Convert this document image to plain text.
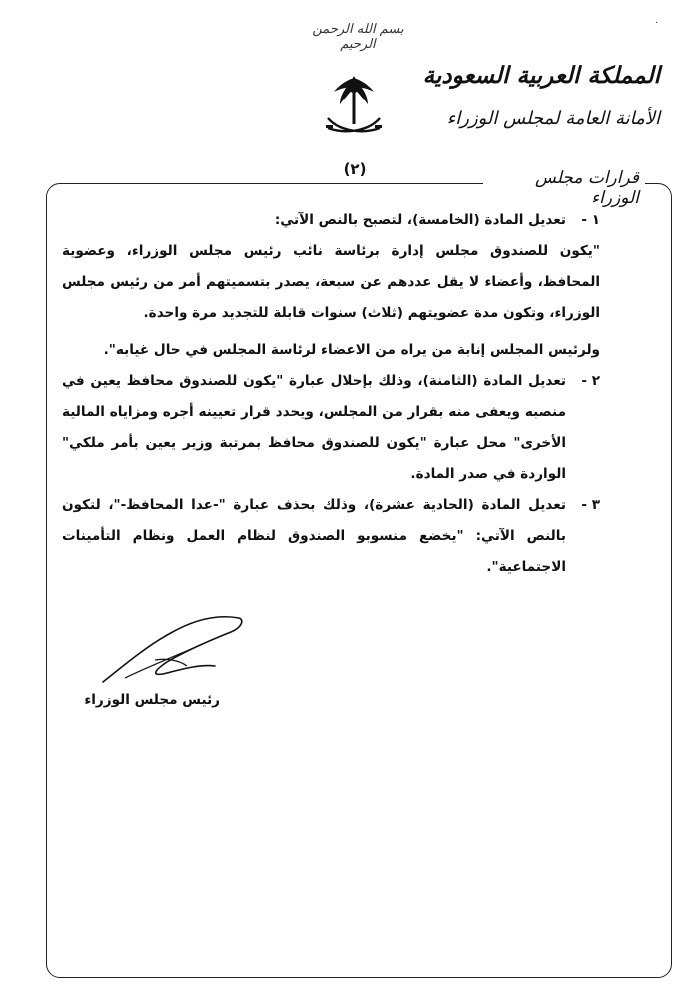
·
بسم الله الرحمن الرحيم
المملكة العربية السعودية
الأمانة العامة لمجلس الوزراء
(٢)	قرارات مجلس الوزراء
١ -

تعديل المادة (الخامسة)، لتصبح بالنص الآتي:

"يكون للصندوق مجلس إدارة برئاسة نائب رئيس مجلس الوزراء، وعضوية المحافظ، وأعضاء لا يقل عددهم عن سبعة، يصدر بتسميتهم أمر من رئيس مجلس الوزراء، وتكون مدة عضويتهم (ثلاث) سنوات قابلة للتجديد مرة واحدة.

ولرئيس المجلس إنابة من يراه من الاعضاء لرئاسة المجلس في حال غيابه".

٢ -

تعديل المادة (الثامنة)، وذلك بإحلال عبارة "يكون للصندوق محافظ يعين في منصبه ويعفى منه بقرار من المجلس، ويحدد قرار تعيينه أجره ومزاياه المالية الأخرى" محل عبارة "يكون للصندوق محافظ بمرتبة وزير يعين بأمر ملكي" الواردة في صدر المادة.

٣ -

تعديل المادة (الحادية عشرة)، وذلك بحذف عبارة "-عدا المحافظ-"، لتكون بالنص الآتي: "يخضع منسوبو الصندوق لنظام العمل ونظام التأمينات الاجتماعية".

رئيس مجلس الوزراء
